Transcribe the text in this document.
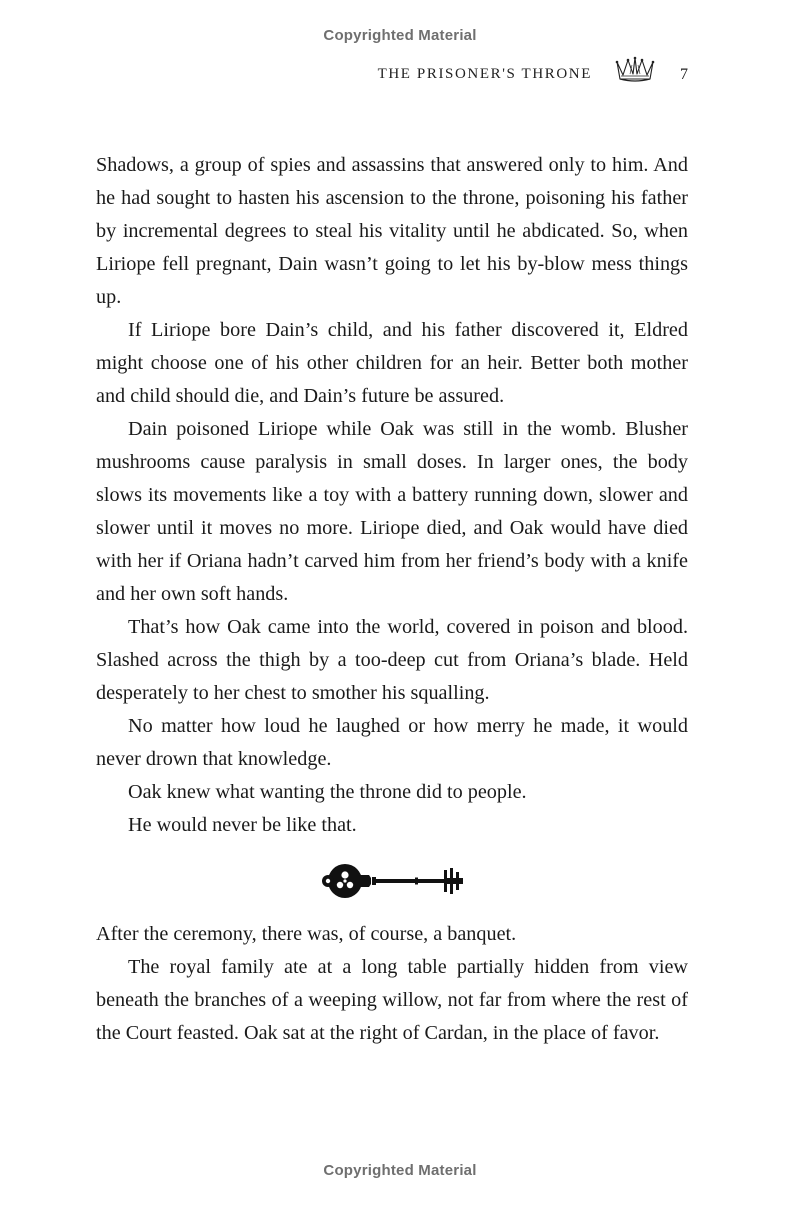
Copyrighted Material
THE PRISONER'S THRONE	7

Shadows, a group of spies and assassins that answered only to him. And he had sought to hasten his ascension to the throne, poisoning his father by incremental degrees to steal his vitality until he abdicated. So, when Liriope fell pregnant, Dain wasn’t going to let his by-blow mess things up.

If Liriope bore Dain’s child, and his father discovered it, Eldred might choose one of his other children for an heir. Better both mother and child should die, and Dain’s future be assured.

Dain poisoned Liriope while Oak was still in the womb. Blusher mushrooms cause paralysis in small doses. In larger ones, the body slows its movements like a toy with a battery running down, slower and slower until it moves no more. Liriope died, and Oak would have died with her if Oriana hadn’t carved him from her friend’s body with a knife and her own soft hands.

That’s how Oak came into the world, covered in poison and blood. Slashed across the thigh by a too-deep cut from Oriana’s blade. Held desperately to her chest to smother his squalling.

No matter how loud he laughed or how merry he made, it would never drown that knowledge.

Oak knew what wanting the throne did to people.

He would never be like that.

After the ceremony, there was, of course, a banquet.

The royal family ate at a long table partially hidden from view beneath the branches of a weeping willow, not far from where the rest of the Court feasted. Oak sat at the right of Cardan, in the place of favor.

Copyrighted Material
